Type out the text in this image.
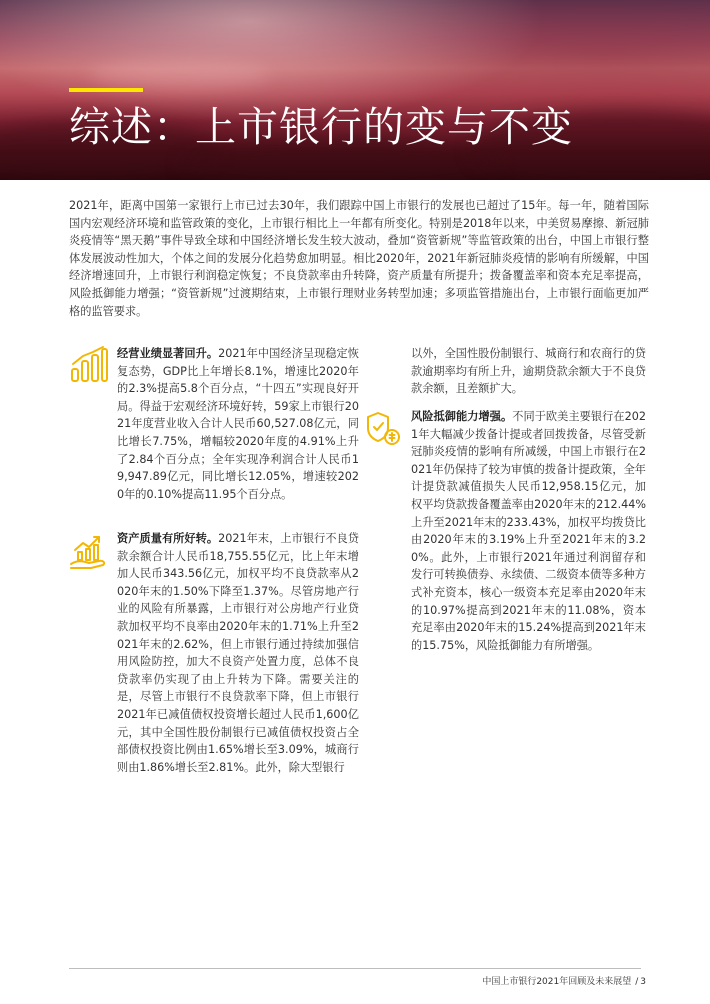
综述：上市银行的变与不变

2021年，距离中国第一家银行上市已过去30年，我们跟踪中国上市银行的发展也已超过了15年。每一年，随着国际国内宏观经济环境和监管政策的变化，上市银行相比上一年都有所变化。特别是2018年以来，中美贸易摩擦、新冠肺炎疫情等“黑天鹅”事件导致全球和中国经济增长发生较大波动，叠加“资管新规”等监管政策的出台，中国上市银行整体发展波动性加大，个体之间的发展分化趋势愈加明显。相比2020年，2021年新冠肺炎疫情的影响有所缓解，中国经济增速回升，上市银行利润稳定恢复；不良贷款率由升转降，资产质量有所提升；拨备覆盖率和资本充足率提高，风险抵御能力增强；“资管新规”过渡期结束，上市银行理财业务转型加速；多项监管措施出台，上市银行面临更加严格的监管要求。

经营业绩显著回升。2021年中国经济呈现稳定恢复态势，GDP比上年增长8.1%，增速比2020年的2.3%提高5.8个百分点，“十四五”实现良好开局。得益于宏观经济环境好转，59家上市银行2021年度营业收入合计人民币60,527.08亿元，同比增长7.75%，增幅较2020年度的4.91%上升了2.84个百分点；全年实现净利润合计人民币19,947.89亿元，同比增长12.05%，增速较2020年的0.10%提高11.95个百分点。

资产质量有所好转。2021年末，上市银行不良贷款余额合计人民币18,755.55亿元，比上年末增加人民币343.56亿元，加权平均不良贷款率从2020年末的1.50%下降至1.37%。尽管房地产行业的风险有所暴露，上市银行对公房地产行业贷款加权平均不良率由2020年末的1.71%上升至2021年末的2.62%，但上市银行通过持续加强信用风险防控，加大不良资产处置力度，总体不良贷款率仍实现了由上升转为下降。需要关注的是，尽管上市银行不良贷款率下降，但上市银行2021年已减值债权投资增长超过人民币1,600亿元，其中全国性股份制银行已减值债权投资占全部债权投资比例由1.65%增长至3.09%，城商行则由1.86%增长至2.81%。此外，除大型银行

以外，全国性股份制银行、城商行和农商行的贷款逾期率均有所上升，逾期贷款余额大于不良贷款余额，且差额扩大。

风险抵御能力增强。不同于欧美主要银行在2021年大幅减少拨备计提或者回拨拨备，尽管受新冠肺炎疫情的影响有所减缓，中国上市银行在2021年仍保持了较为审慎的拨备计提政策，全年计提贷款减值损失人民币12,958.15亿元，加权平均贷款拨备覆盖率由2020年末的212.44%上升至2021年末的233.43%，加权平均拨贷比由2020年末的3.19%上升至2021年末的3.20%。此外，上市银行2021年通过利润留存和发行可转换债券、永续债、二级资本债等多种方式补充资本，核心一级资本充足率由2020年末的10.97%提高到2021年末的11.08%，资本充足率由2020年末的15.24%提高到2021年末的15.75%，风险抵御能力有所增强。

中国上市银行2021年回顾及未来展望 / 3
